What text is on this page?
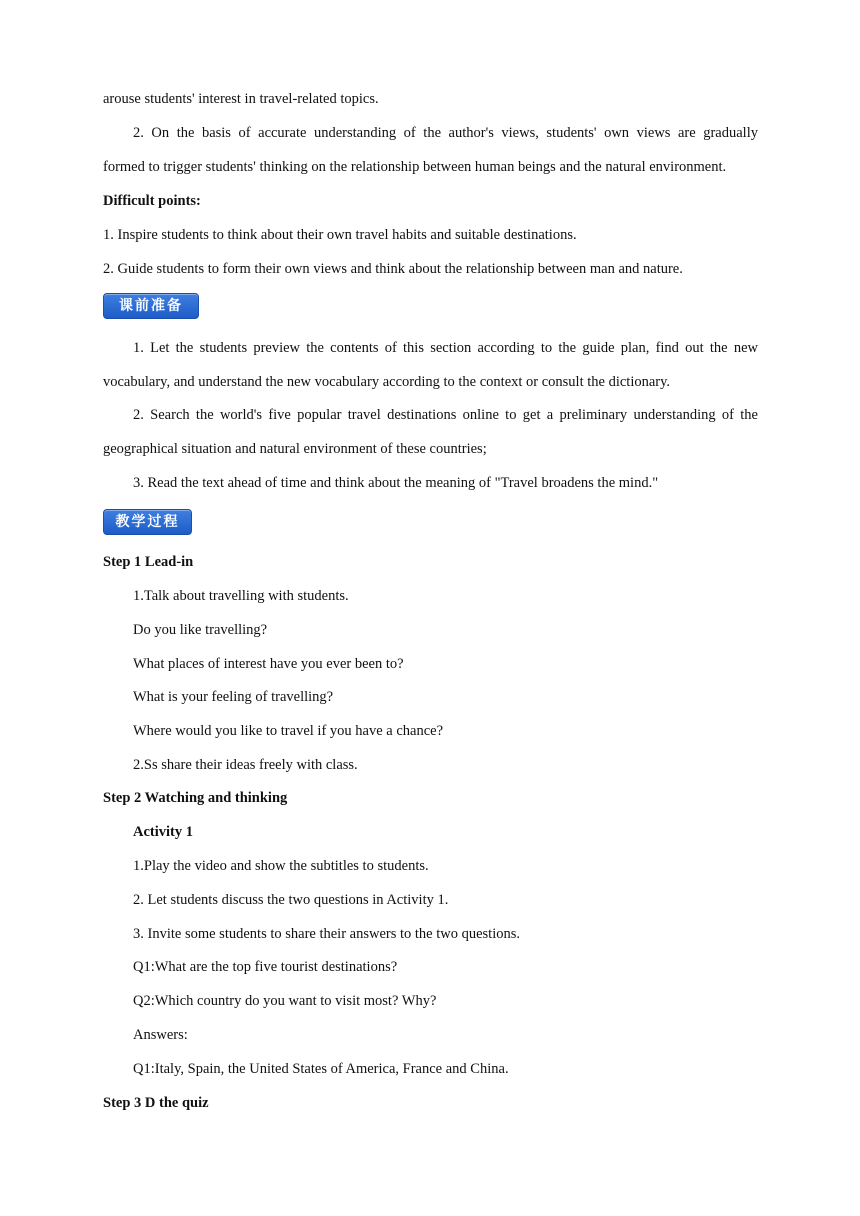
arouse students' interest in travel-related topics.
2. On the basis of accurate understanding of the author's views, students' own views are gradually
formed to trigger students' thinking on the relationship between human beings and the natural environment.
Difficult points:
1. Inspire students to think about their own travel habits and suitable destinations.
2. Guide students to form their own views and think about the relationship between man and nature.
课前准备
1. Let the students preview the contents of this section according to the guide plan, find out the new
vocabulary, and understand the new vocabulary according to the context or consult the dictionary.
2. Search the world's five popular travel destinations online to get a preliminary understanding of the
geographical situation and natural environment of these countries;
3. Read the text ahead of time and think about the meaning of "Travel broadens the mind."
教学过程
Step 1 Lead-in
1.Talk about travelling with students.
Do you like travelling?
What places of interest have you ever been to?
What is your feeling of travelling?
Where would you like to travel if you have a chance?
2.Ss share their ideas freely with class.
Step 2 Watching and thinking
Activity 1
1.Play the video and show the subtitles to students.
2. Let students discuss the two questions in Activity 1.
3. Invite some students to share their answers to the two questions.
Q1:What are the top five tourist destinations?
Q2:Which country do you want to visit most? Why?
Answers:
Q1:Italy, Spain, the United States of America, France and China.
Step 3 D the quiz
